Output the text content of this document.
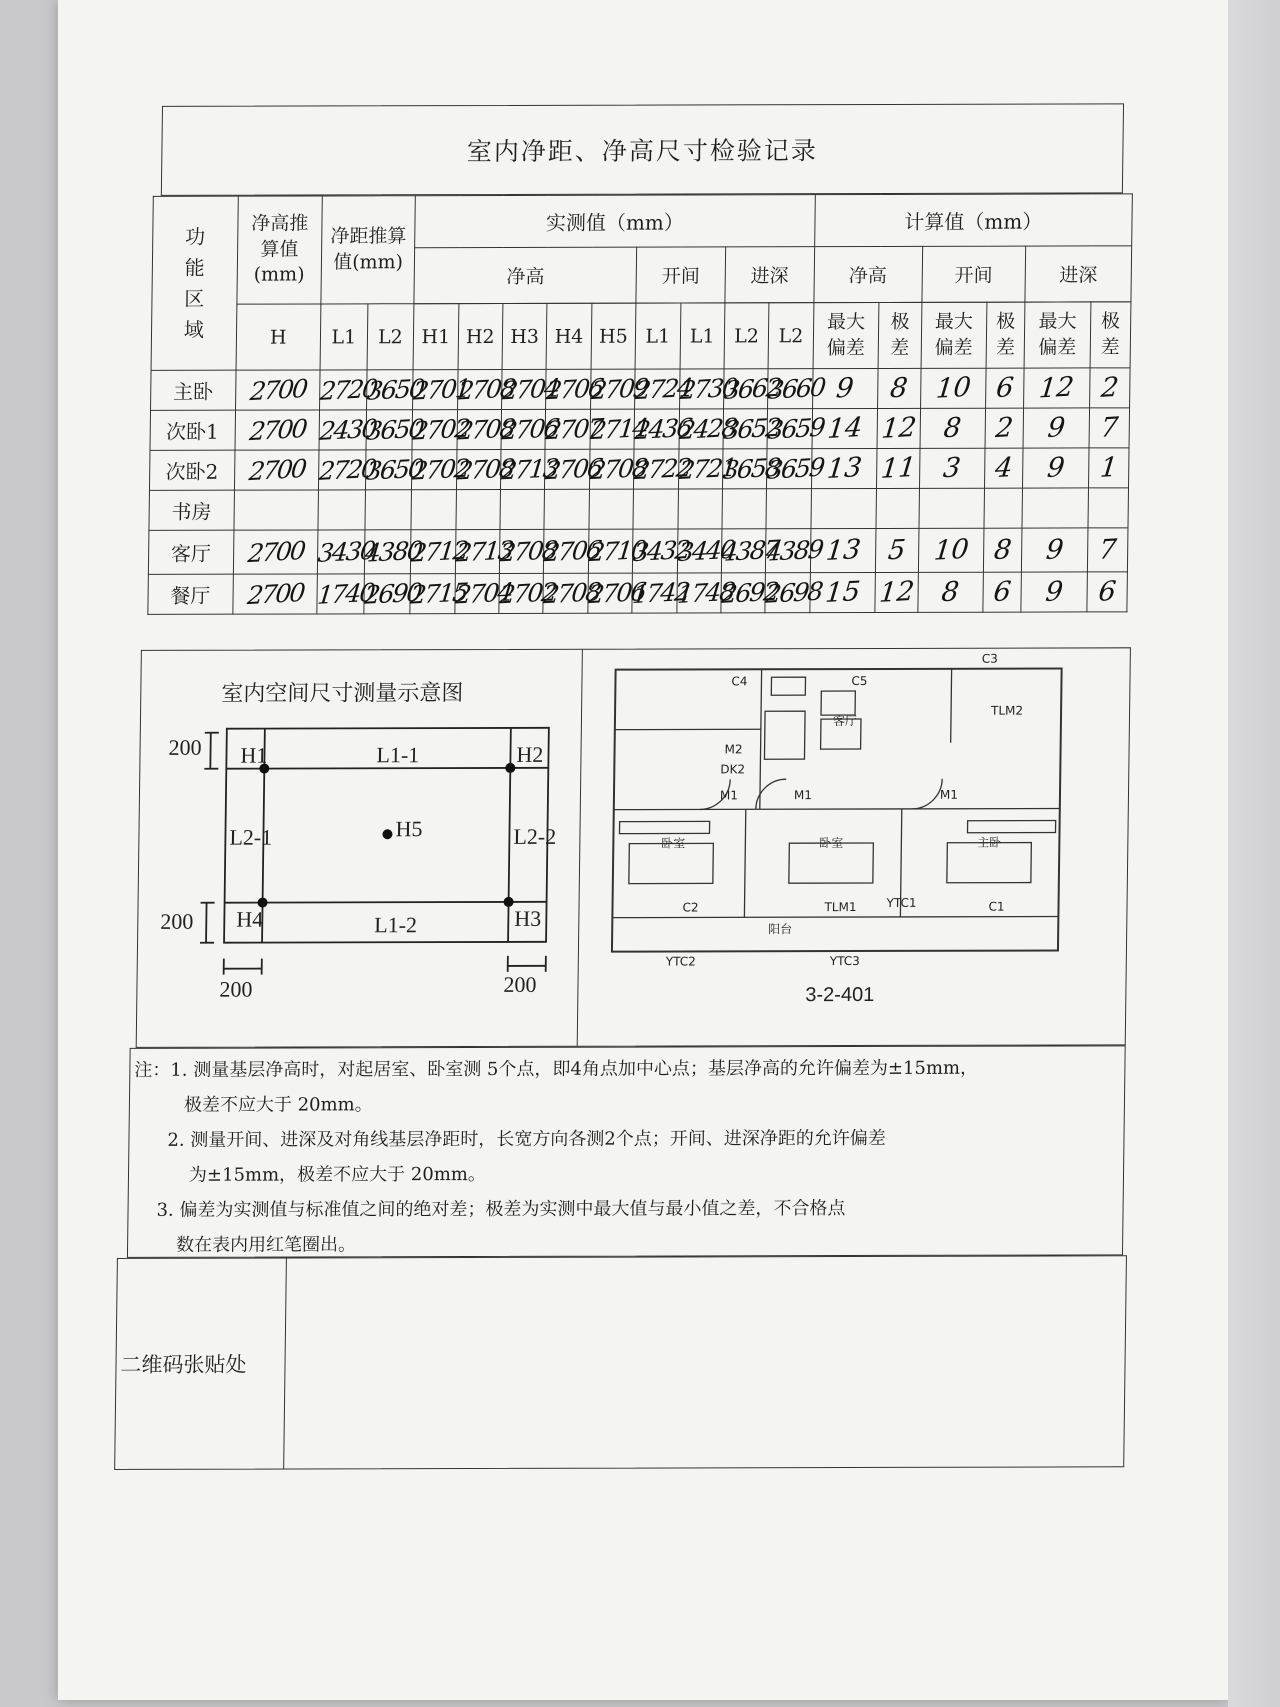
室内净距、净高尺寸检验记录
功
能
区
域	净高推算值(mm)	净距推算值(mm)		实测值（mm）									计算值（mm）					
				净高					开间		进深		净高		开间		进深	

	H	L1	L2	H1	H2	H3	H4	H5	L1	L1	L2	L2	最大偏差	极差	最大偏差	极差	最大偏差	极差
主卧	2700	2720	3650	2701	2708	2704	2706	2709	2724	2730	3662	3660	9	8	10	6	12	2
次卧1	2700	2430	3650	2702	2708	2706	2707	2714	2436	2428	3652	3659	14	12	8	2	9	7
次卧2	2700	2720	3650	2702	2708	2713	2706	2708	2722	2721	3658	3659	13	11	3	4	9	1
书房																		
客厅	2700	3430	4380	2712	2713	2708	2706	2710	3432	3440	4387	4389	13	5	10	8	9	7
餐厅	2700	1740	2690	2715	2704	2702	2708	2706	1742	1748	2692	2698	15	12	8	6	9	6
室内空间尺寸测量示意图
200
200
200	200
H1	H2
H3
H4
H5
L1-1
L1-2
L2-1	L2-2
C4	C5
C3
TLM2
M2
DK2
M1	M1	M1
客厅
卧室	卧室	主卧
C2	TLM1	C1
阳台
YTC2	YTC3
YTC1
3-2-401
注：1. 测量基层净高时，对起居室、卧室测 5个点，即4角点加中心点；基层净高的允许偏差为±15mm，
极差不应大于 20mm。
2. 测量开间、进深及对角线基层净距时，长宽方向各测2个点；开间、进深净距的允许偏差
为±15mm，极差不应大于 20mm。
3. 偏差为实测值与标准值之间的绝对差；极差为实测中最大值与最小值之差，不合格点
数在表内用红笔圈出。
二维码张贴处
